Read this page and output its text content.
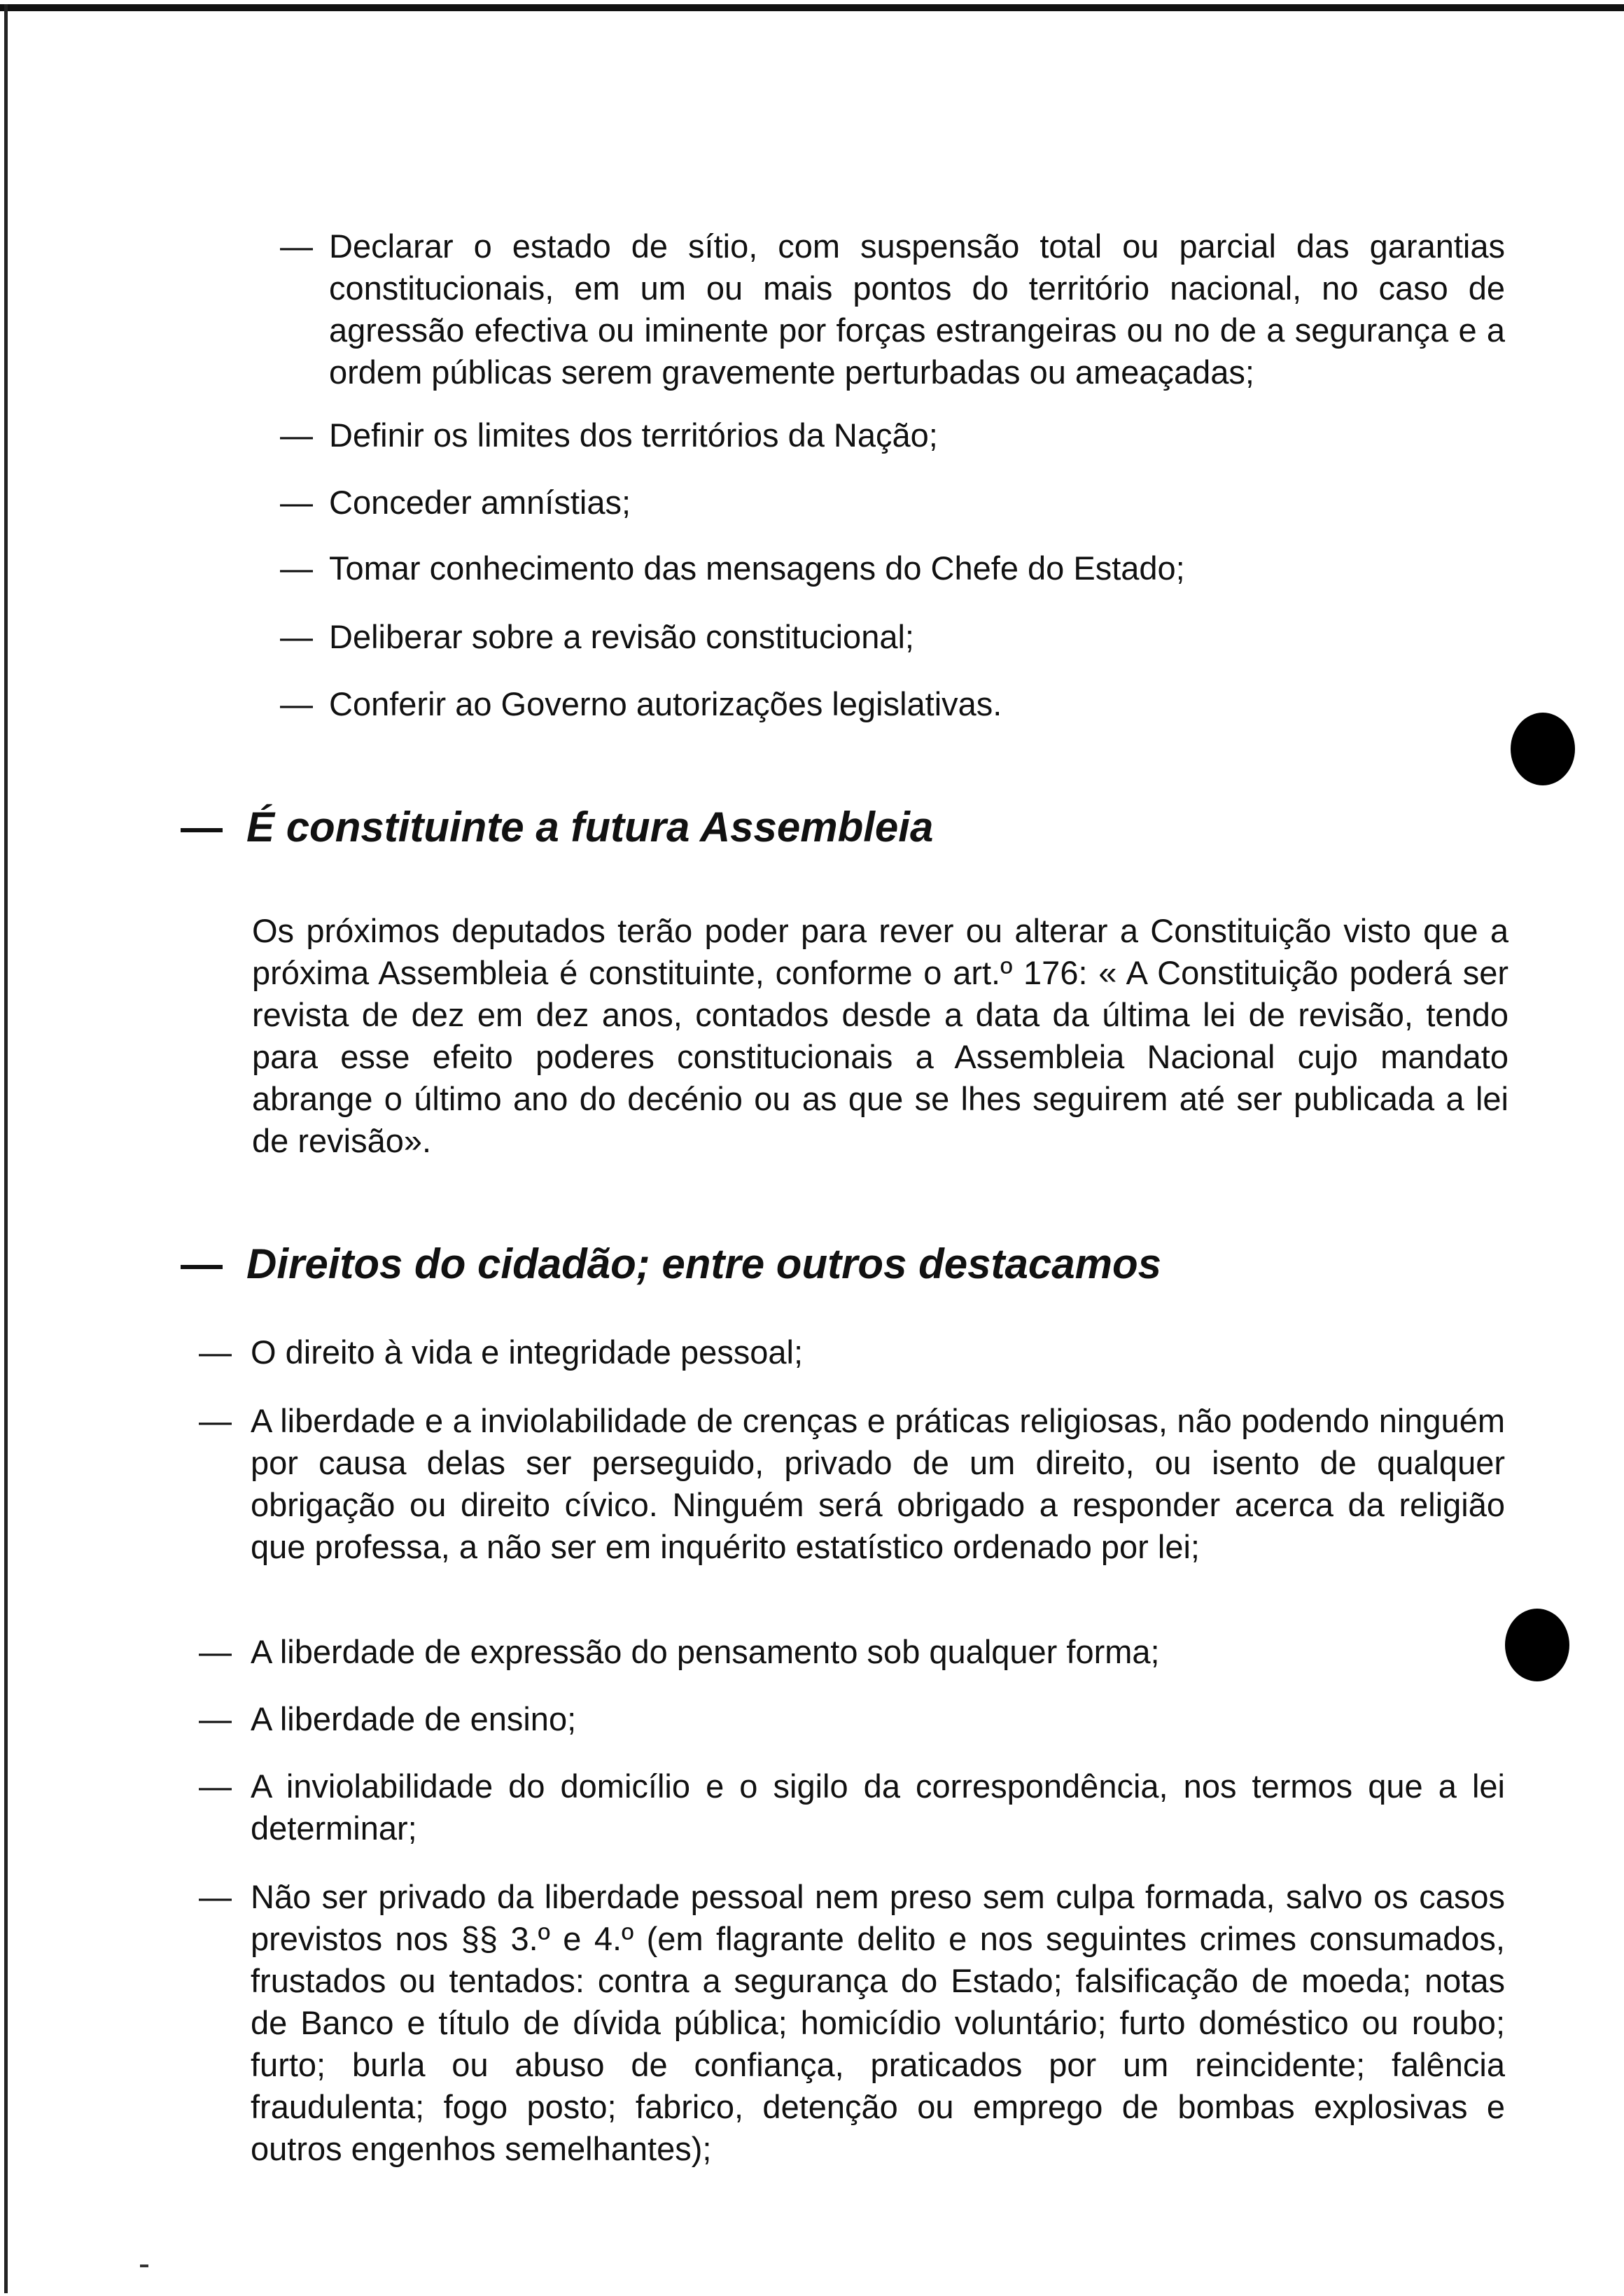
— Declarar o estado de sítio, com suspensão total ou parcial das garantias constitucionais, em um ou mais pontos do território nacional, no caso de agressão efectiva ou iminente por forças estrangeiras ou no de a segurança e a ordem públicas serem gravemente perturbadas ou ameaçadas;
— Definir os limites dos territórios da Nação;
— Conceder amnístias;
— Tomar conhecimento das mensagens do Chefe do Estado;
— Deliberar sobre a revisão constitucional;
— Conferir ao Governo autorizações legislativas.
— É constituinte a futura Assembleia
Os próximos deputados terão poder para rever ou alterar a Constituição visto que a próxima Assembleia é constituinte, conforme o art.º 176: « A Constituição poderá ser revista de dez em dez anos, contados desde a data da última lei de revisão, tendo para esse efeito poderes constitucionais a Assembleia Nacional cujo mandato abrange o último ano do decénio ou as que se lhes seguirem até ser publicada a lei de revisão».
— Direitos do cidadão; entre outros destacamos
— O direito à vida e integridade pessoal;
— A liberdade e a inviolabilidade de crenças e práticas religiosas, não podendo ninguém por causa delas ser perseguido, privado de um direito, ou isento de qualquer obrigação ou direito cívico. Ninguém será obrigado a responder acerca da religião que professa, a não ser em inquérito estatístico ordenado por lei;
— A liberdade de expressão do pensamento sob qualquer forma;
— A liberdade de ensino;
— A inviolabilidade do domicílio e o sigilo da correspondência, nos termos que a lei determinar;
— Não ser privado da liberdade pessoal nem preso sem culpa formada, salvo os casos previstos nos §§ 3.º e 4.º (em flagrante delito e nos seguintes crimes consumados, frustados ou tentados: contra a segurança do Estado; falsificação de moeda; notas de Banco e título de dívida pública; homicídio voluntário; furto doméstico ou roubo; furto; burla ou abuso de confiança, praticados por um reincidente; falência fraudulenta; fogo posto; fabrico, detenção ou emprego de bombas explosivas e outros engenhos semelhantes);
